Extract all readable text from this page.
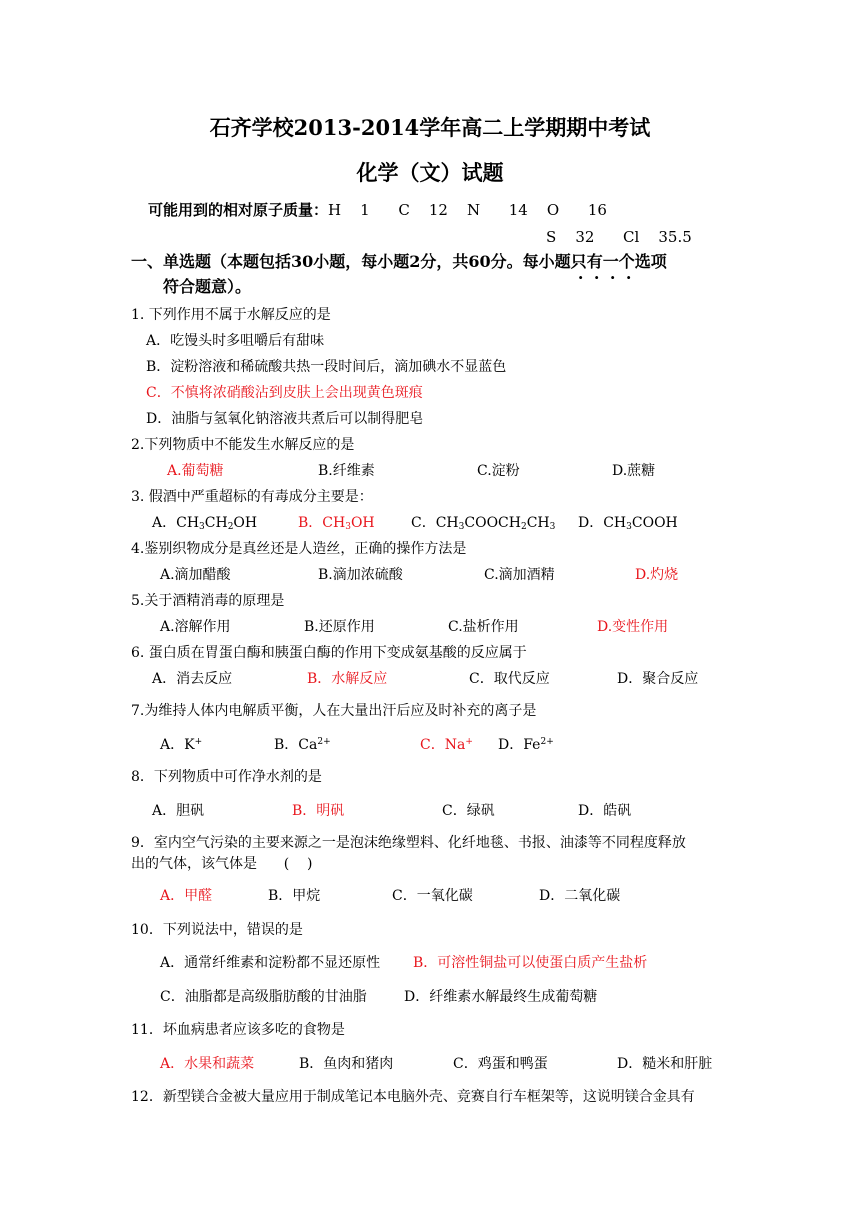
石齐学校2013-2014学年高二上学期期中考试
化学（文）试题
可能用到的相对原子质量：H    1      C    12    N      14    O      16
S    32      Cl    35.5
一、单选题（本题包括30小题，每小题2分，共60分。每小题只有一个选项
符合题意）。
1. 下列作用不属于水解反应的是
A．吃馒头时多咀嚼后有甜味
B．淀粉溶液和稀硫酸共热一段时间后，滴加碘水不显蓝色
C．不慎将浓硝酸沾到皮肤上会出现黄色斑痕
D．油脂与氢氧化钠溶液共煮后可以制得肥皂
2.下列物质中不能发生水解反应的是
A.葡萄糖	B.纤维素	C.淀粉	D.蔗糖
3. 假酒中严重超标的有毒成分主要是：
A．$CH_3CH_2OH$	B．$CH_3OH$	C．$CH_3COOCH_2CH_3$ D．$CH_3COOH$
4.鉴别织物成分是真丝还是人造丝，正确的操作方法是
A.滴加醋酸	B.滴加浓硫酸	C.滴加酒精	D.灼烧
5.关于酒精消毒的原理是
A.溶解作用	B.还原作用	C.盐析作用	D.变性作用
6. 蛋白质在胃蛋白酶和胰蛋白酶的作用下变成氨基酸的反应属于
A．消去反应	B．水解反应	C．取代反应	D．聚合反应
7.为维持人体内电解质平衡，人在大量出汗后应及时补充的离子是
A．K+	B．$Ca^{2+}$	C．Na+ D．$Fe^{2+}$
8．下列物质中可作净水剂的是
A．胆矾	B．明矾	C．绿矾	D．皓矾
9．室内空气污染的主要来源之一是泡沫绝缘塑料、化纤地毯、书报、油漆等不同程度释放
出的气体，该气体是      (    )
A．甲醛	B．甲烷	C．一氧化碳	D．二氧化碳
10．下列说法中，错误的是
A．通常纤维素和淀粉都不显还原性 B．可溶性铜盐可以使蛋白质产生盐析
C．油脂都是高级脂肪酸的甘油脂	D．纤维素水解最终生成葡萄糖
11．坏血病患者应该多吃的食物是
A．水果和蔬菜	B．鱼肉和猪肉	C．鸡蛋和鸭蛋	D．糙米和肝脏
12．新型镁合金被大量应用于制成笔记本电脑外壳、竞赛自行车框架等，这说明镁合金具有
